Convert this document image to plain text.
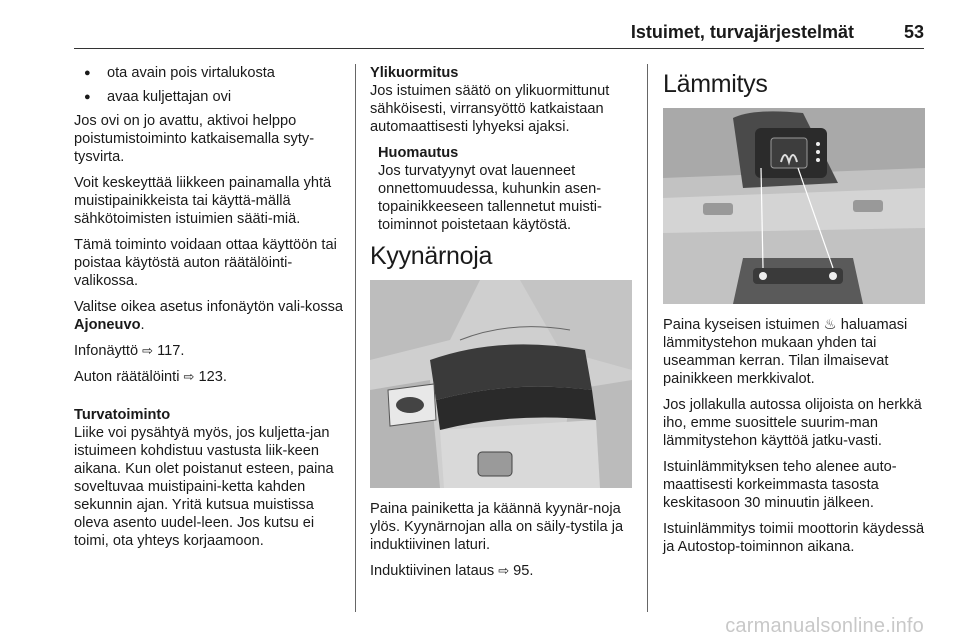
Istuimet, turvajärjestelmät	53
● ota avain pois virtalukosta
● avaa kuljettajan ovi

Jos ovi on jo avattu, aktivoi helppo poistumistoiminto katkaisemalla syty-tysvirta.

Voit keskeyttää liikkeen painamalla yhtä muistipainikkeista tai käyttä-mällä sähkötoimisten istuimien sääti-miä.

Tämä toiminto voidaan ottaa käyttöön tai poistaa käytöstä auton räätälöinti-valikossa.

Valitse oikea asetus infonäytön vali-kossa Ajoneuvo.

Infonäyttö ⇨ 117.

Auton räätälöinti ⇨ 123.

Turvatoiminto

Liike voi pysähtyä myös, jos kuljetta-jan istuimeen kohdistuu vastusta liik-keen aikana. Kun olet poistanut esteen, paina soveltuvaa muistipaini-ketta kahden sekunnin ajan. Yritä kutsua muistissa oleva asento uudel-leen. Jos kutsu ei toimi, ota yhteys korjaamoon.

Ylikuormitus

Jos istuimen säätö on ylikuormittunut sähköisesti, virransyöttö katkaistaan automaattisesti lyhyeksi ajaksi.

Huomautus

Jos turvatyynyt ovat lauenneet onnettomuudessa, kuhunkin asen-topainikkeeseen tallennetut muisti-toiminnot poistetaan käytöstä.

Kyynärnoja

Paina painiketta ja käännä kyynär-noja ylös. Kyynärnojan alla on säily-tystila ja induktiivinen laturi.

Induktiivinen lataus ⇨ 95.

Lämmitys

Paina kyseisen istuimen ♨ haluamasi lämmitystehon mukaan yhden tai useamman kerran. Tilan ilmaisevat painikkeen merkkivalot.

Jos jollakulla autossa olijoista on herkkä iho, emme suosittele suurim-man lämmitystehon käyttöä jatku-vasti.

Istuinlämmityksen teho alenee auto-maattisesti korkeimmasta tasosta keskitasoon 30 minuutin jälkeen.

Istuinlämmitys toimii moottorin käydessä ja Autostop-toiminnon aikana.

carmanualsonline.info
